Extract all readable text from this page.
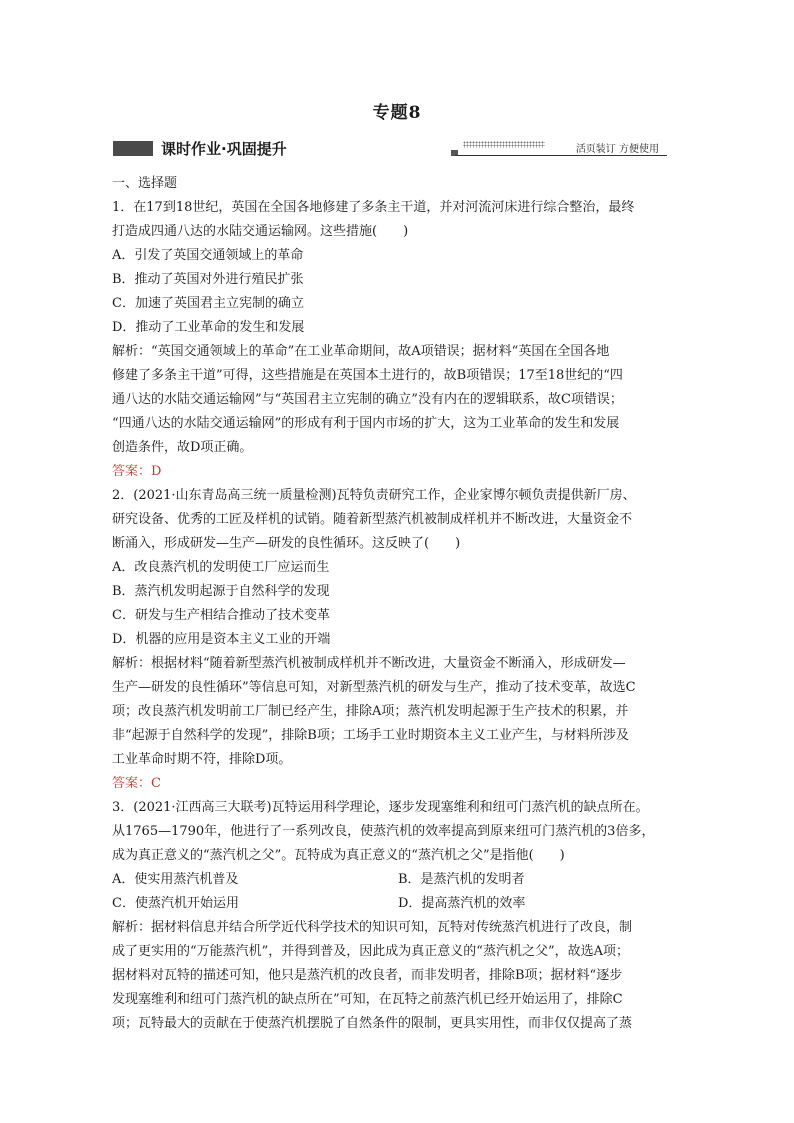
专题8
课时作业·巩固提升	活页装订 方便使用

一、选择题

1．在17到18世纪，英国在全国各地修建了多条主干道，并对河流河床进行综合整治，最终

打造成四通八达的水陆交通运输网。这些措施(　　)

A．引发了英国交通领域上的革命

B．推动了英国对外进行殖民扩张

C．加速了英国君主立宪制的确立

D．推动了工业革命的发生和发展

解析：“英国交通领域上的革命”在工业革命期间，故A项错误；据材料“英国在全国各地

修建了多条主干道”可得，这些措施是在英国本土进行的，故B项错误；17至18世纪的“四

通八达的水陆交通运输网”与“英国君主立宪制的确立”没有内在的逻辑联系，故C项错误；

“四通八达的水陆交通运输网”的形成有利于国内市场的扩大，这为工业革命的发生和发展

创造条件，故D项正确。

答案：D

2．(2021·山东青岛高三统一质量检测)瓦特负责研究工作，企业家博尔顿负责提供新厂房、

研究设备、优秀的工匠及样机的试销。随着新型蒸汽机被制成样机并不断改进，大量资金不

断涌入，形成研发—生产—研发的良性循环。这反映了(　　)

A．改良蒸汽机的发明使工厂应运而生

B．蒸汽机发明起源于自然科学的发现

C．研发与生产相结合推动了技术变革

D．机器的应用是资本主义工业的开端

解析：根据材料“随着新型蒸汽机被制成样机并不断改进，大量资金不断涌入，形成研发—

生产—研发的良性循环”等信息可知，对新型蒸汽机的研发与生产，推动了技术变革，故选C

项；改良蒸汽机发明前工厂制已经产生，排除A项；蒸汽机发明起源于生产技术的积累，并

非“起源于自然科学的发现”，排除B项；工场手工业时期资本主义工业产生，与材料所涉及

工业革命时期不符，排除D项。

答案：C

3．(2021·江西高三大联考)瓦特运用科学理论，逐步发现塞维利和纽可门蒸汽机的缺点所在。

从1765—1790年，他进行了一系列改良，使蒸汽机的效率提高到原来纽可门蒸汽机的3倍多，

成为真正意义的“蒸汽机之父”。瓦特成为真正意义的“蒸汽机之父”是指他(　　)

A．使实用蒸汽机普及	B．是蒸汽机的发明者

C．使蒸汽机开始运用	D．提高蒸汽机的效率

解析：据材料信息并结合所学近代科学技术的知识可知，瓦特对传统蒸汽机进行了改良，制

成了更实用的“万能蒸汽机”，并得到普及，因此成为真正意义的“蒸汽机之父”，故选A项；

据材料对瓦特的描述可知，他只是蒸汽机的改良者，而非发明者，排除B项；据材料“逐步

发现塞维利和纽可门蒸汽机的缺点所在”可知，在瓦特之前蒸汽机已经开始运用了，排除C

项；瓦特最大的贡献在于使蒸汽机摆脱了自然条件的限制，更具实用性，而非仅仅提高了蒸
